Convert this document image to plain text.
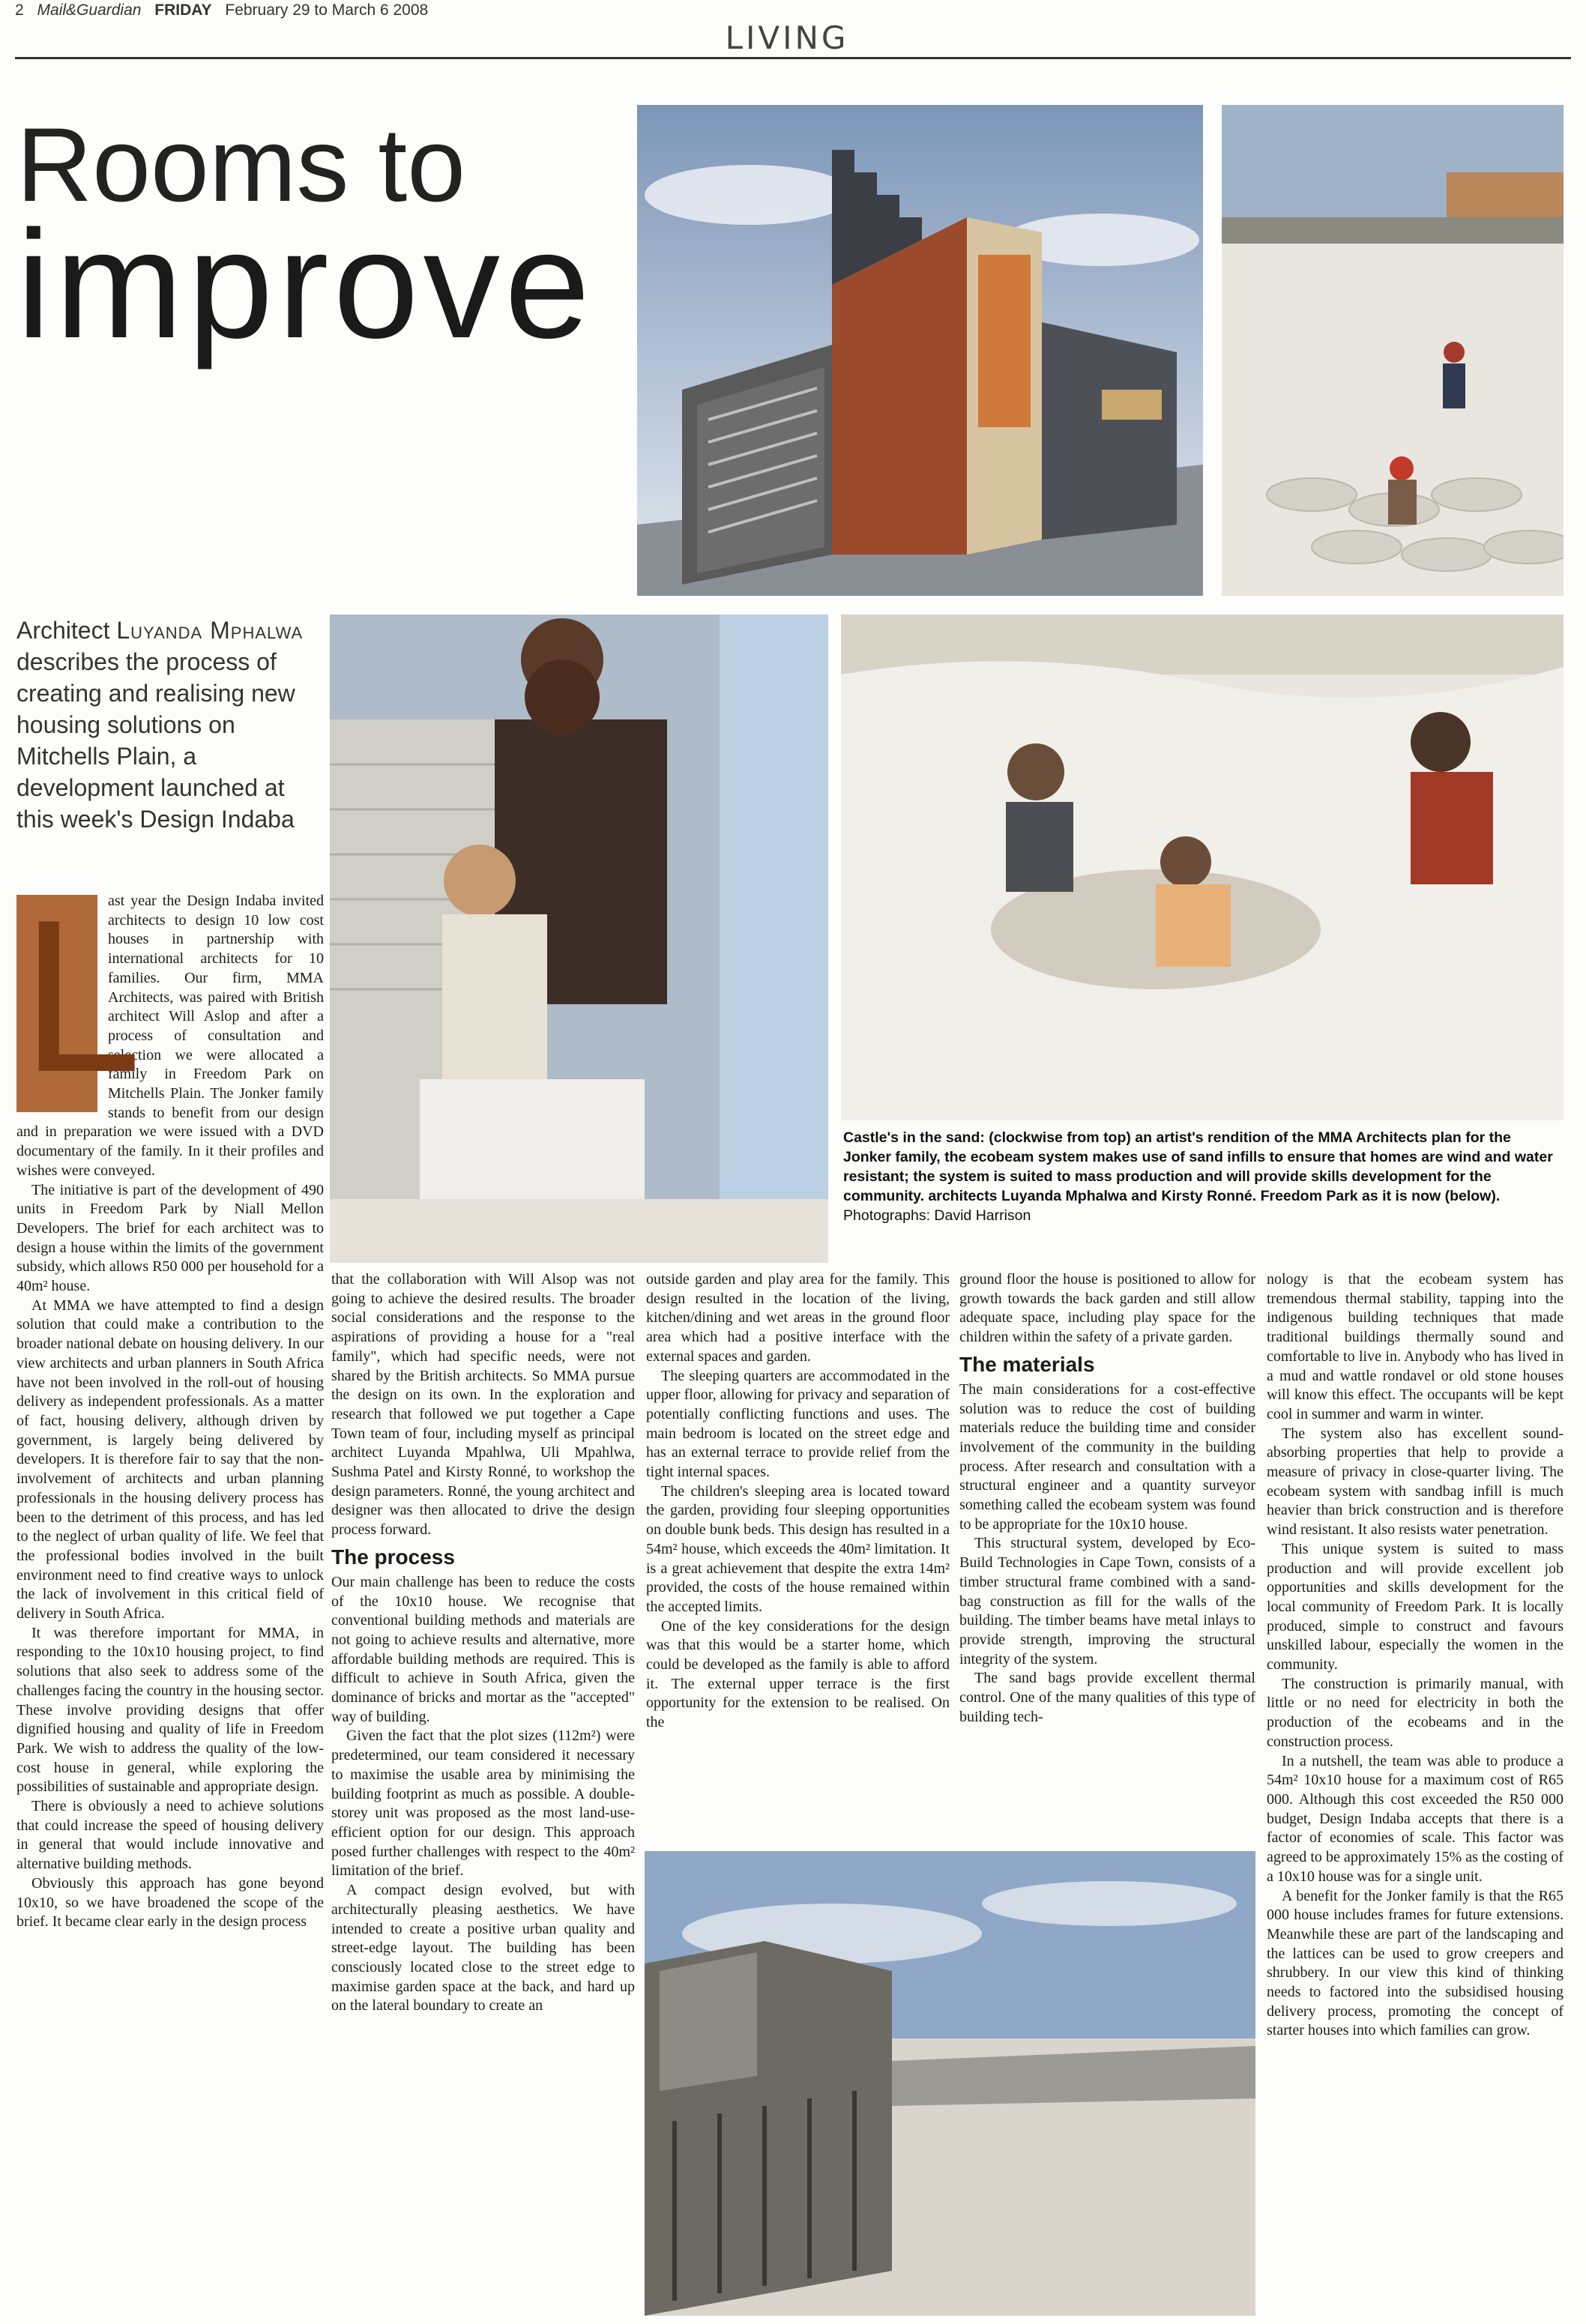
2 Mail&Guardian FRIDAY February 29 to March 6 2008
LIVING
Rooms to
improve
Architect Luyanda Mphalwa describes the process of creating and realising new housing solutions on Mitchells Plain, a development launched at this week's Design Indaba
Castle's in the sand: (clockwise from top) an artist's rendition of the MMA Architects plan for the Jonker family, the ecobeam system makes use of sand infills to ensure that homes are wind and water resistant; the system is suited to mass production and will provide skills development for the community. architects Luyanda Mphalwa and Kirsty Ronné. Freedom Park as it is now (below). Photographs: David Harrison
L

ast year the Design Indaba invited architects to design 10 low cost houses in partnership with international architects for 10 families. Our firm, MMA Architects, was paired with British architect Will Aslop and after a process of consultation and selection we were allocated a family in Freedom Park on Mitchells Plain. The Jonker family stands to benefit from our design and in preparation we were issued with a DVD documentary of the family. In it their profiles and wishes were conveyed.

The initiative is part of the development of 490 units in Freedom Park by Niall Mellon Developers. The brief for each architect was to design a house within the limits of the government subsidy, which allows R50 000 per household for a 40m² house.

At MMA we have attempted to find a design solution that could make a contribution to the broader national debate on housing delivery. In our view architects and urban planners in South Africa have not been involved in the roll-out of housing delivery as independent professionals. As a matter of fact, housing delivery, although driven by government, is largely being delivered by developers. It is therefore fair to say that the non-involvement of architects and urban planning professionals in the housing delivery process has been to the detriment of this process, and has led to the neglect of urban quality of life. We feel that the professional bodies involved in the built environment need to find creative ways to unlock the lack of involvement in this critical field of delivery in South Africa.

It was therefore important for MMA, in responding to the 10x10 housing project, to find solutions that also seek to address some of the challenges facing the country in the housing sector. These involve providing designs that offer dignified housing and quality of life in Freedom Park. We wish to address the quality of the low-cost house in general, while exploring the possibilities of sustainable and appropriate design.

There is obviously a need to achieve solutions that could increase the speed of housing delivery in general that would include innovative and alternative building methods.

Obviously this approach has gone beyond 10x10, so we have broadened the scope of the brief. It became clear early in the design process

that the collaboration with Will Alsop was not going to achieve the desired results. The broader social considerations and the response to the aspirations of providing a house for a "real family", which had specific needs, were not shared by the British architects. So MMA pursue the design on its own. In the exploration and research that followed we put together a Cape Town team of four, including myself as principal architect Luyanda Mpahlwa, Uli Mpahlwa, Sushma Patel and Kirsty Ronné, to workshop the design parameters. Ronné, the young architect and designer was then allocated to drive the design process forward.

The process

Our main challenge has been to reduce the costs of the 10x10 house. We recognise that conventional building methods and materials are not going to achieve results and alternative, more affordable building methods are required. This is difficult to achieve in South Africa, given the dominance of bricks and mortar as the "accepted" way of building.

Given the fact that the plot sizes (112m²) were predetermined, our team considered it necessary to maximise the usable area by minimising the building footprint as much as possible. A double-storey unit was proposed as the most land-use-efficient option for our design. This approach posed further challenges with respect to the 40m² limitation of the brief.

A compact design evolved, but with architecturally pleasing aesthetics. We have intended to create a positive urban quality and street-edge layout. The building has been consciously located close to the street edge to maximise garden space at the back, and hard up on the lateral boundary to create an

outside garden and play area for the family. This design resulted in the location of the living, kitchen/dining and wet areas in the ground floor area which had a positive interface with the external spaces and garden.

The sleeping quarters are accommodated in the upper floor, allowing for privacy and separation of potentially conflicting functions and uses. The main bedroom is located on the street edge and has an external terrace to provide relief from the tight internal spaces.

The children's sleeping area is located toward the garden, providing four sleeping opportunities on double bunk beds. This design has resulted in a 54m² house, which exceeds the 40m² limitation. It is a great achievement that despite the extra 14m² provided, the costs of the house remained within the accepted limits.

One of the key considerations for the design was that this would be a starter home, which could be developed as the family is able to afford it. The external upper terrace is the first opportunity for the extension to be realised. On the

ground floor the house is positioned to allow for growth towards the back garden and still allow adequate space, including play space for the children within the safety of a private garden.

The materials

The main considerations for a cost-effective solution was to reduce the cost of building materials reduce the building time and consider involvement of the community in the building process. After research and consultation with a structural engineer and a quantity surveyor something called the ecobeam system was found to be appropriate for the 10x10 house.

This structural system, developed by Eco-Build Technologies in Cape Town, consists of a timber structural frame combined with a sand-bag construction as fill for the walls of the building. The timber beams have metal inlays to provide strength, improving the structural integrity of the system.

The sand bags provide excellent thermal control. One of the many qualities of this type of building tech-

nology is that the ecobeam system has tremendous thermal stability, tapping into the indigenous building techniques that made traditional buildings thermally sound and comfortable to live in. Anybody who has lived in a mud and wattle rondavel or old stone houses will know this effect. The occupants will be kept cool in summer and warm in winter.

The system also has excellent sound-absorbing properties that help to provide a measure of privacy in close-quarter living. The ecobeam system with sandbag infill is much heavier than brick construction and is therefore wind resistant. It also resists water penetration.

This unique system is suited to mass production and will provide excellent job opportunities and skills development for the local community of Freedom Park. It is locally produced, simple to construct and favours unskilled labour, especially the women in the community.

The construction is primarily manual, with little or no need for electricity in both the production of the ecobeams and in the construction process.

In a nutshell, the team was able to produce a 54m² 10x10 house for a maximum cost of R65 000. Although this cost exceeded the R50 000 budget, Design Indaba accepts that there is a factor of economies of scale. This factor was agreed to be approximately 15% as the costing of a 10x10 house was for a single unit.

A benefit for the Jonker family is that the R65 000 house includes frames for future extensions. Meanwhile these are part of the landscaping and the lattices can be used to grow creepers and shrubbery. In our view this kind of thinking needs to factored into the subsidised housing delivery process, promoting the concept of starter houses into which families can grow.
